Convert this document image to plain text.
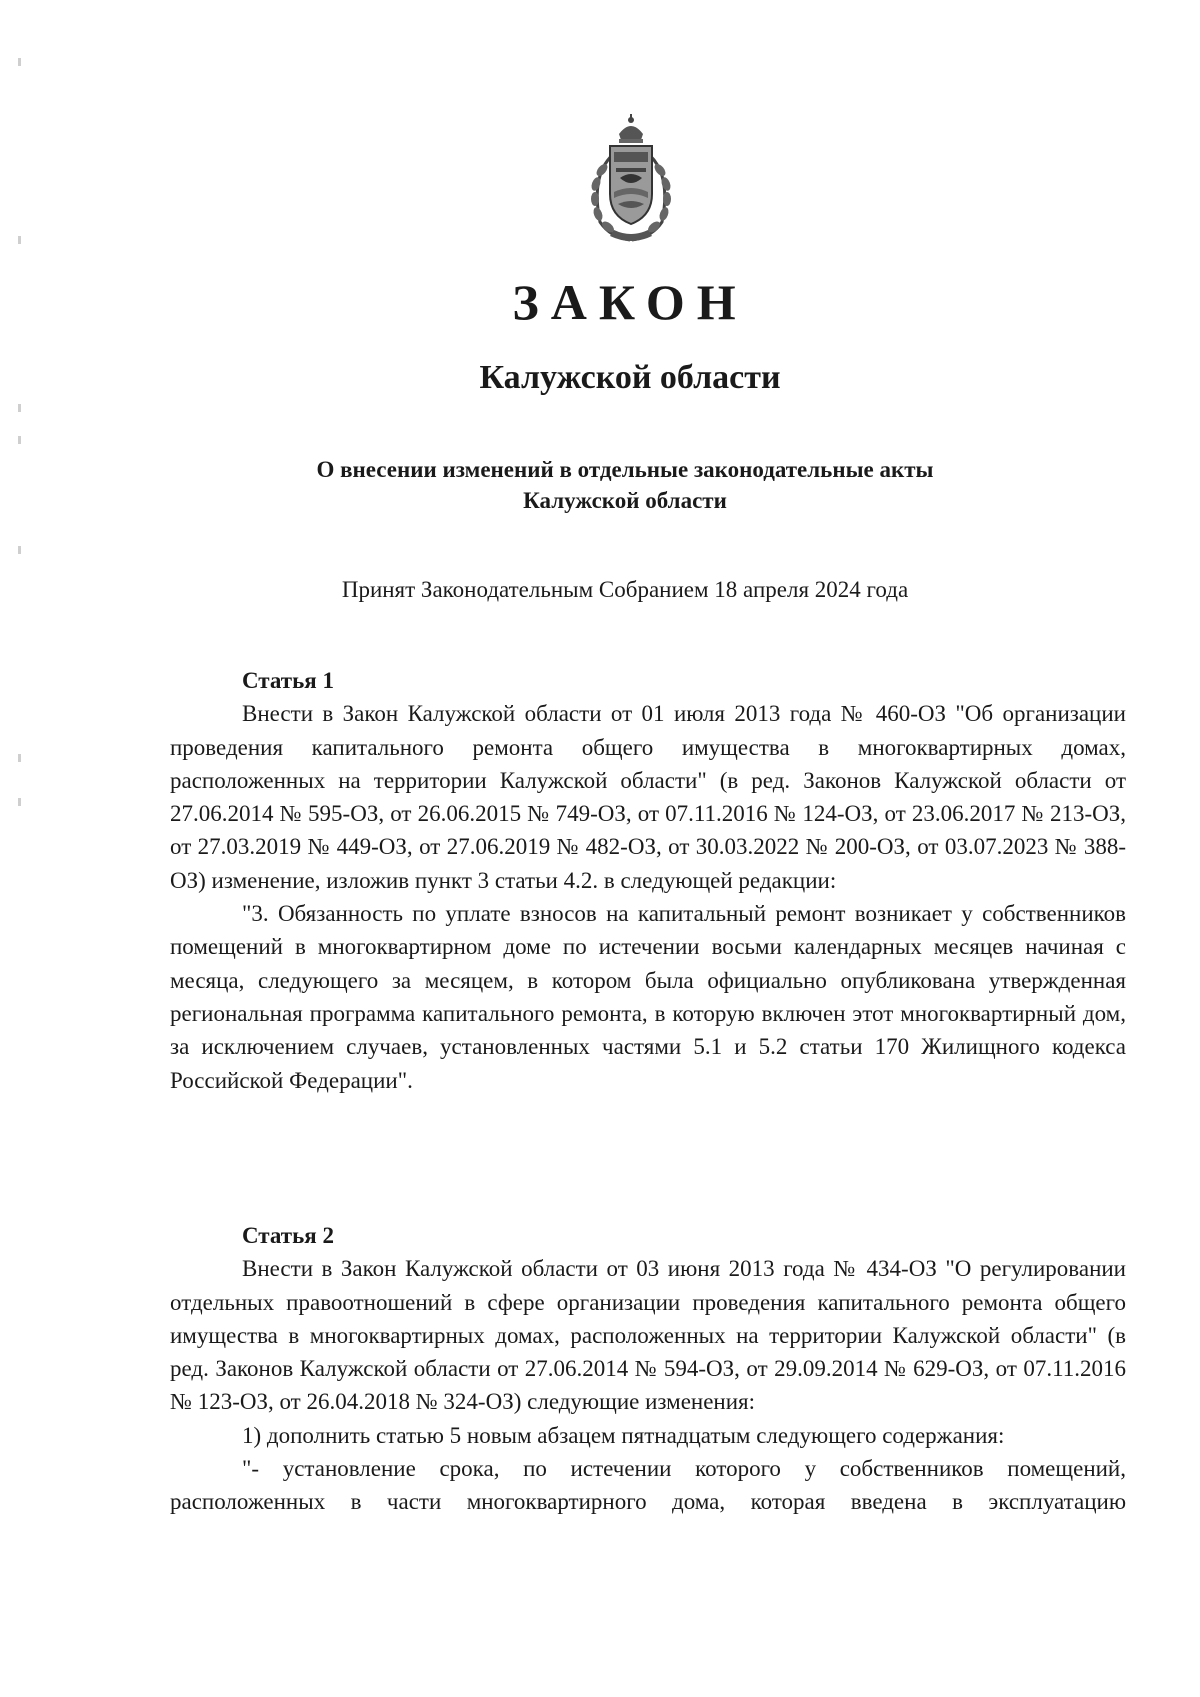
ЗАКОН
Калужской области
О внесении изменений в отдельные законодательные акты
Калужской области
Принят Законодательным Собранием 18 апреля 2024 года
Статья 1

Внести в Закон Калужской области от 01 июля 2013 года № 460-ОЗ "Об организации проведения капитального ремонта общего имущества в многоквартирных домах, расположенных на территории Калужской области" (в ред. Законов Калужской области от 27.06.2014 № 595-ОЗ, от 26.06.2015 № 749-ОЗ, от 07.11.2016 № 124-ОЗ, от 23.06.2017 № 213-ОЗ, от 27.03.2019 № 449-ОЗ, от 27.06.2019 № 482-ОЗ, от 30.03.2022 № 200-ОЗ, от 03.07.2023 № 388-ОЗ) изменение, изложив пункт 3 статьи 4.2. в следующей редакции:

"3. Обязанность по уплате взносов на капитальный ремонт возникает у собственников помещений в многоквартирном доме по истечении восьми календарных месяцев начиная с месяца, следующего за месяцем, в котором была официально опубликована утвержденная региональная программа капитального ремонта, в которую включен этот многоквартирный дом, за исключением случаев, установленных частями 5.1 и 5.2 статьи 170 Жилищного кодекса Российской Федерации".

Статья 2

Внести в Закон Калужской области от 03 июня 2013 года № 434-ОЗ "О регулировании отдельных правоотношений в сфере организации проведения капитального ремонта общего имущества в многоквартирных домах, расположенных на территории Калужской области" (в ред. Законов Калужской области от 27.06.2014 № 594-ОЗ, от 29.09.2014 № 629-ОЗ, от 07.11.2016 № 123-ОЗ, от 26.04.2018 № 324-ОЗ) следующие изменения:

1) дополнить статью 5 новым абзацем пятнадцатым следующего содержания:

"- установление срока, по истечении которого у собственников помещений, расположенных в части многоквартирного дома, которая введена в эксплуатацию
